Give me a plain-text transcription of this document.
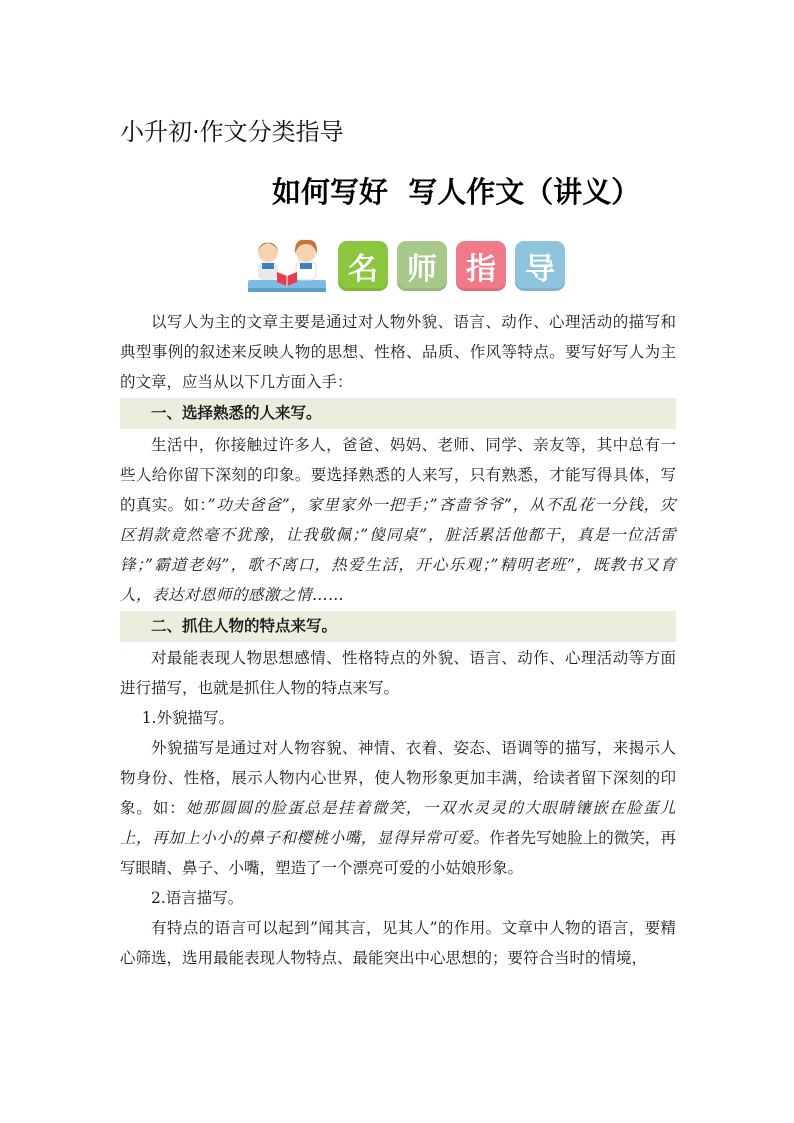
小升初·作文分类指导
如何写好  写人作文（讲义）
名 师 指 导

以写人为主的文章主要是通过对人物外貌、语言、动作、心理活动的描写和典型事例的叙述来反映人物的思想、性格、品质、作风等特点。要写好写人为主的文章，应当从以下几方面入手：

一、选择熟悉的人来写。

生活中，你接触过许多人，爸爸、妈妈、老师、同学、亲友等，其中总有一些人给你留下深刻的印象。要选择熟悉的人来写，只有熟悉，才能写得具体，写的真实。如：”功夫爸爸”，家里家外一把手；”吝啬爷爷”，从不乱花一分钱，灾区捐款竟然毫不犹豫，让我敬佩；”傻同桌”，脏活累活他都干，真是一位活雷锋；”霸道老妈”，歌不离口，热爱生活，开心乐观；”精明老班”，既教书又育人，表达对恩师的感激之情……

二、抓住人物的特点来写。

对最能表现人物思想感情、性格特点的外貌、语言、动作、心理活动等方面进行描写，也就是抓住人物的特点来写。

1.外貌描写。

外貌描写是通过对人物容貌、神情、衣着、姿态、语调等的描写，来揭示人物身份、性格，展示人物内心世界，使人物形象更加丰满，给读者留下深刻的印象。如：她那圆圆的脸蛋总是挂着微笑，一双水灵灵的大眼睛镶嵌在脸蛋儿上，再加上小小的鼻子和樱桃小嘴，显得异常可爱。作者先写她脸上的微笑，再写眼睛、鼻子、小嘴，塑造了一个漂亮可爱的小姑娘形象。

2.语言描写。

有特点的语言可以起到”闻其言，见其人”的作用。文章中人物的语言，要精心筛选，选用最能表现人物特点、最能突出中心思想的；要符合当时的情境，
